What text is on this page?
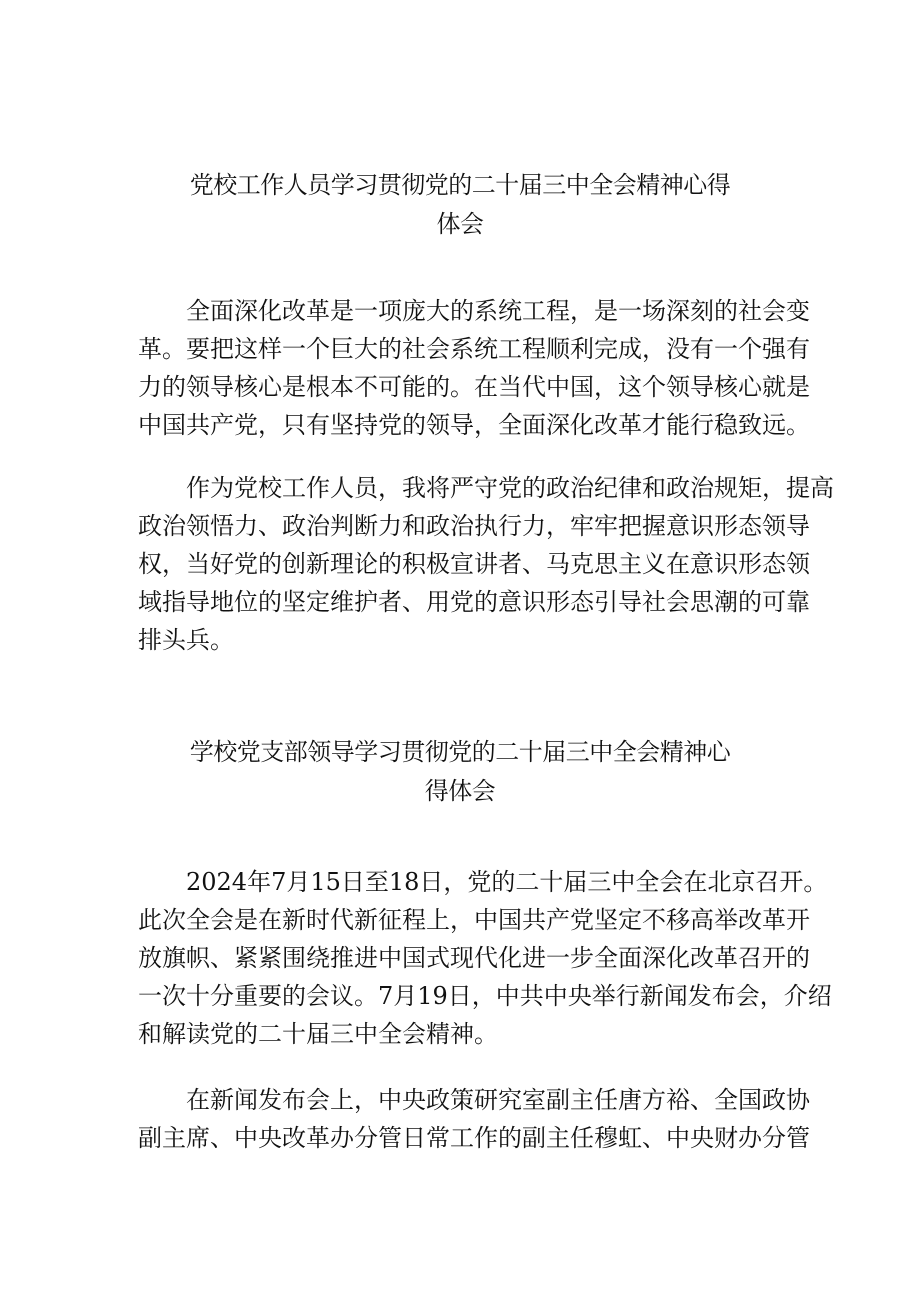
党校工作人员学习贯彻党的二十届三中全会精神心得
体会
全面深化改革是一项庞大的系统工程，是一场深刻的社会变
革。要把这样一个巨大的社会系统工程顺利完成，没有一个强有
力的领导核心是根本不可能的。在当代中国，这个领导核心就是
中国共产党，只有坚持党的领导，全面深化改革才能行稳致远。
作为党校工作人员，我将严守党的政治纪律和政治规矩，提高
政治领悟力、政治判断力和政治执行力，牢牢把握意识形态领导
权，当好党的创新理论的积极宣讲者、马克思主义在意识形态领
域指导地位的坚定维护者、用党的意识形态引导社会思潮的可靠
排头兵。
学校党支部领导学习贯彻党的二十届三中全会精神心
得体会
2024年7月15日至18日，党的二十届三中全会在北京召开。
此次全会是在新时代新征程上，中国共产党坚定不移高举改革开
放旗帜、紧紧围绕推进中国式现代化进一步全面深化改革召开的
一次十分重要的会议。7月19日，中共中央举行新闻发布会，介绍
和解读党的二十届三中全会精神。
在新闻发布会上，中央政策研究室副主任唐方裕、全国政协
副主席、中央改革办分管日常工作的副主任穆虹、中央财办分管
